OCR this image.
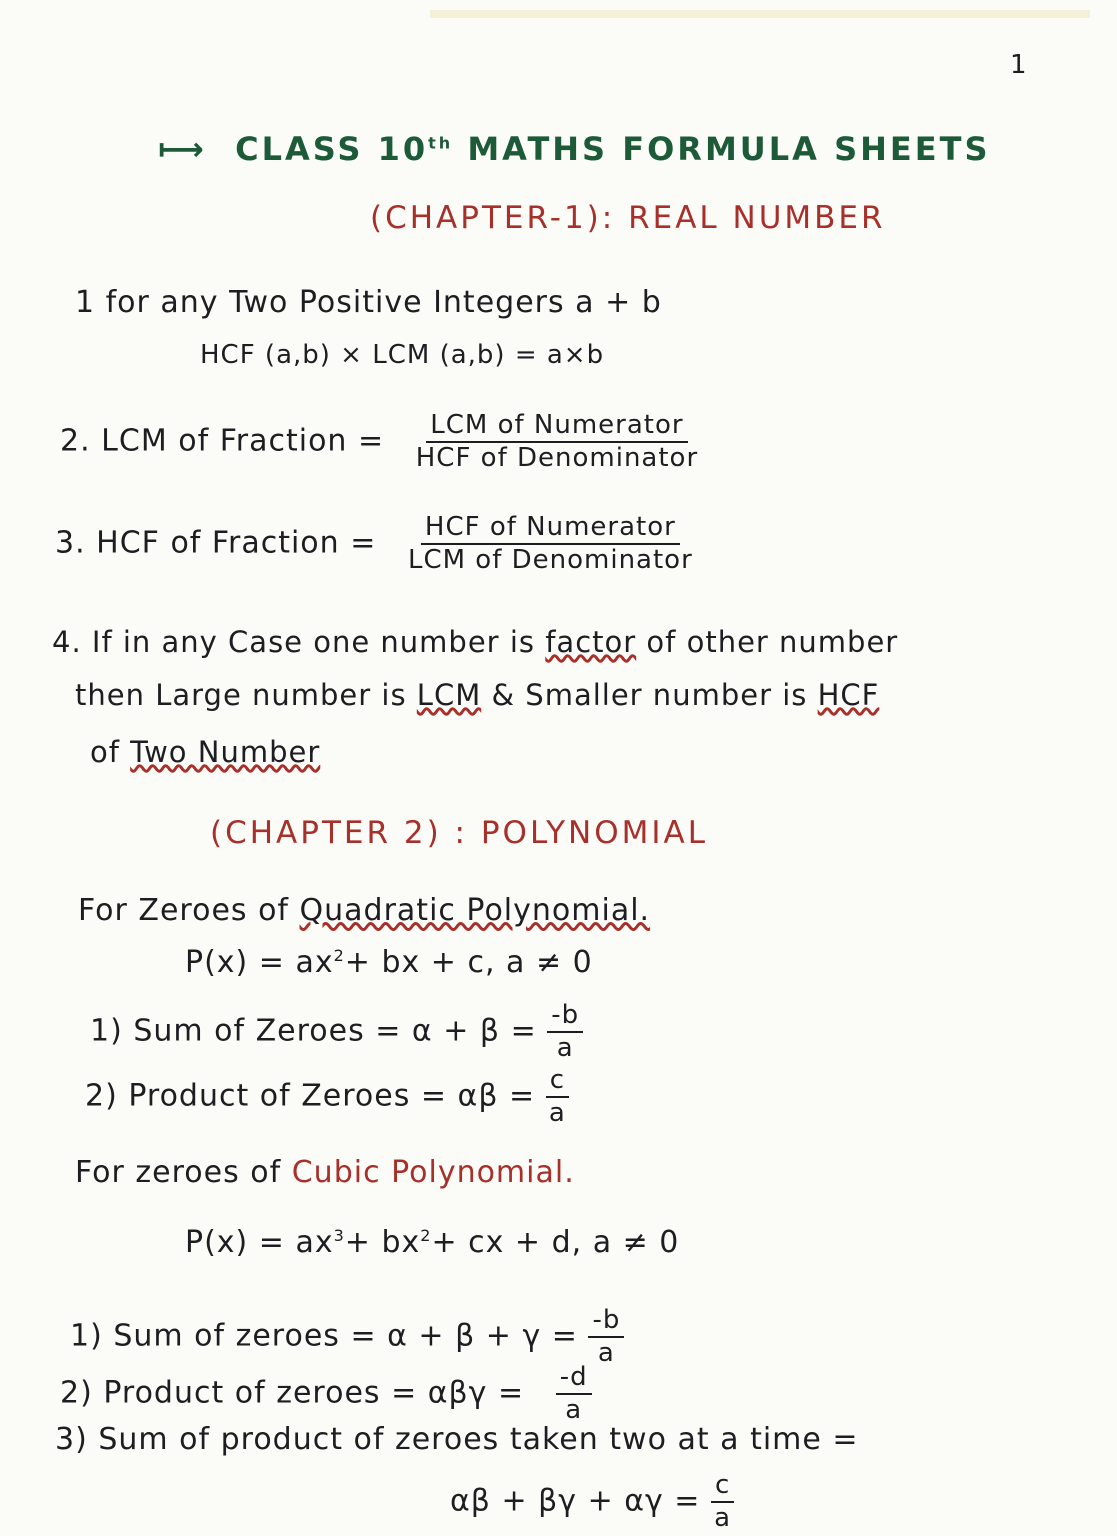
1
⟼ CLASS 10th MATHS FORMULA SHEETS
(CHAPTER-1): REAL NUMBER
1 for any Two Positive Integers a + b
HCF (a,b) × LCM (a,b) = a×b
2. LCM of Fraction = $\frac{\text{LCM of Numerator}}{\text{HCF of Denominator}}$
3. HCF of Fraction = $\frac{\text{HCF of Numerator}}{\text{LCM of Denominator}}$
4. If in any Case one number is factor of other number
then Large number is LCM & Smaller number is HCF
of Two Number
(CHAPTER 2) : POLYNOMIAL
For Zeroes of Quadratic Polynomial.
$P(x) = ax^2+$ bx + c, a ≠ 0
1) Sum of Zeroes = $\alpha + \beta = \frac{-b}{a}$
2) Product of Zeroes = $\alpha\beta = \frac{c}{a}$
For zeroes of Cubic Polynomial.
$P(x) = ax^3+ bx^2+$ cx + d, a ≠ 0
1) Sum of zeroes = $\alpha + \beta + \gamma = \frac{-b}{a}$
2) Product of zeroes = $\alpha\beta\gamma = \frac{-d}{a}$
3) Sum of product of zeroes taken two at a time =
$\alpha\beta + \beta\gamma + \alpha\gamma = \frac{c}{a}$
